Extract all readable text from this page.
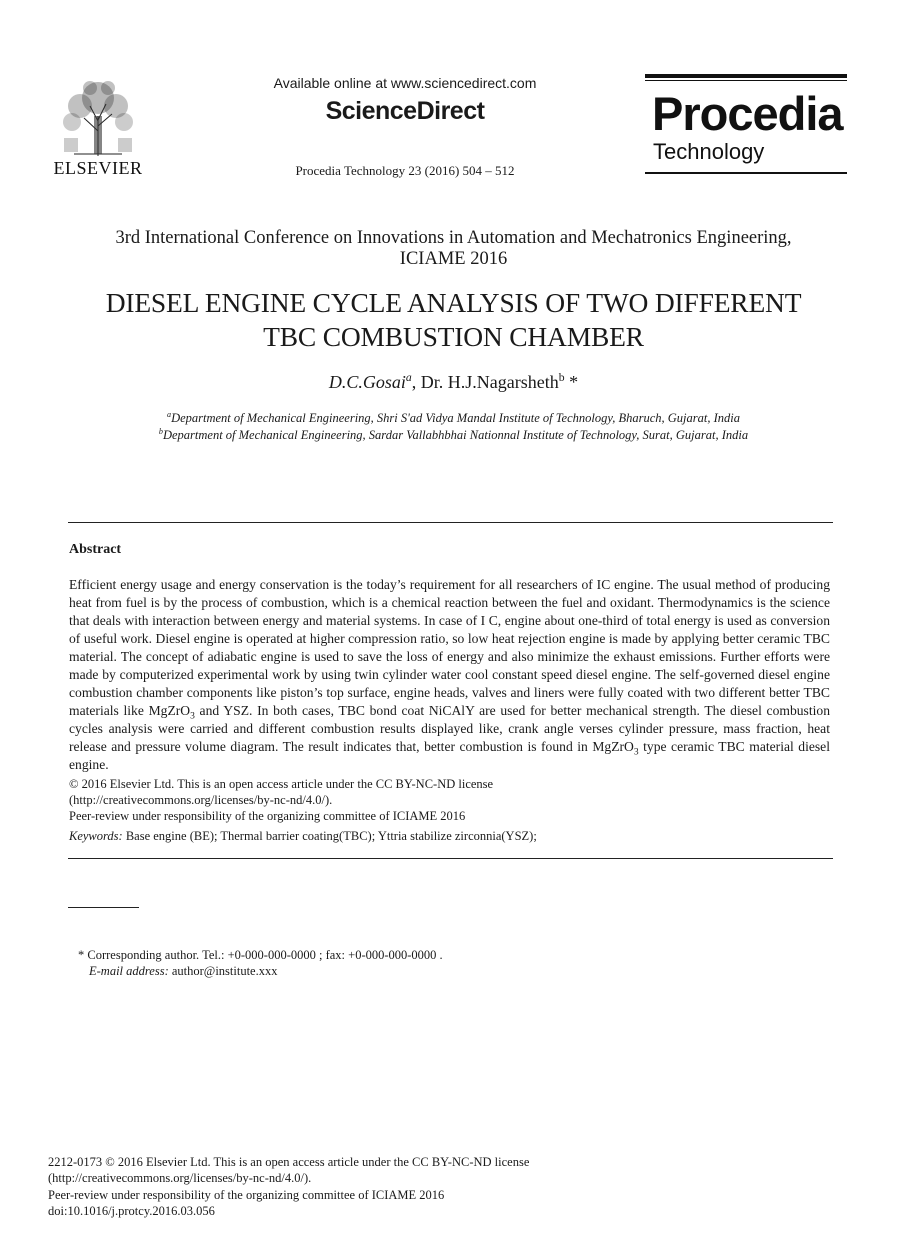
ELSEVIER
Available online at www.sciencedirect.com
ScienceDirect
Procedia Technology 23 (2016) 504 – 512
Procedia
Technology
3rd International Conference on Innovations in Automation and Mechatronics Engineering,
ICIAME 2016
DIESEL ENGINE CYCLE ANALYSIS OF TWO DIFFERENT
TBC COMBUSTION CHAMBER
D.C.Gosai$^a$, Dr. H.J.Nagarsheth$^b$ *
$^a$Department of Mechanical Engineering, Shri S'ad Vidya Mandal Institute of Technology, Bharuch, Gujarat, India
$^b$Department of Mechanical Engineering, Sardar Vallabhbhai Nationnal Institute of Technology, Surat, Gujarat, India
Abstract
Efficient energy usage and energy conservation is the today’s requirement for all researchers of IC engine. The usual method of producing heat from fuel is by the process of combustion, which is a chemical reaction between the fuel and oxidant. Thermodynamics is the science that deals with interaction between energy and material systems. In case of I C, engine about one-third of total energy is used as conversion of useful work. Diesel engine is operated at higher compression ratio, so low heat rejection engine is made by applying better ceramic TBC material. The concept of adiabatic engine is used to save the loss of energy and also minimize the exhaust emissions. Further efforts were made by computerized experimental work by using twin cylinder water cool constant speed diesel engine. The self-governed diesel engine combustion chamber components like piston’s top surface, engine heads, valves and liners were fully coated with two different better TBC materials like MgZrO$_3$ and YSZ. In both cases, TBC bond coat NiCAlY are used for better mechanical strength. The diesel combustion cycles analysis were carried and different combustion results displayed like, crank angle verses cylinder pressure, mass fraction, heat release and pressure volume diagram. The result indicates that, better combustion is found in MgZrO$_3$ type ceramic TBC material diesel engine.
© 2016 Elsevier Ltd. This is an open access article under the CC BY-NC-ND license
(http://creativecommons.org/licenses/by-nc-nd/4.0/).
Peer-review under responsibility of the organizing committee of ICIAME 2016
Keywords: Base engine (BE); Thermal barrier coating(TBC); Yttria stabilize zirconnia(YSZ);
* Corresponding author. Tel.: +0-000-000-0000 ; fax: +0-000-000-0000 .
E-mail address: author@institute.xxx
2212-0173 © 2016 Elsevier Ltd. This is an open access article under the CC BY-NC-ND license
(http://creativecommons.org/licenses/by-nc-nd/4.0/).
Peer-review under responsibility of the organizing committee of ICIAME 2016
doi:10.1016/j.protcy.2016.03.056
